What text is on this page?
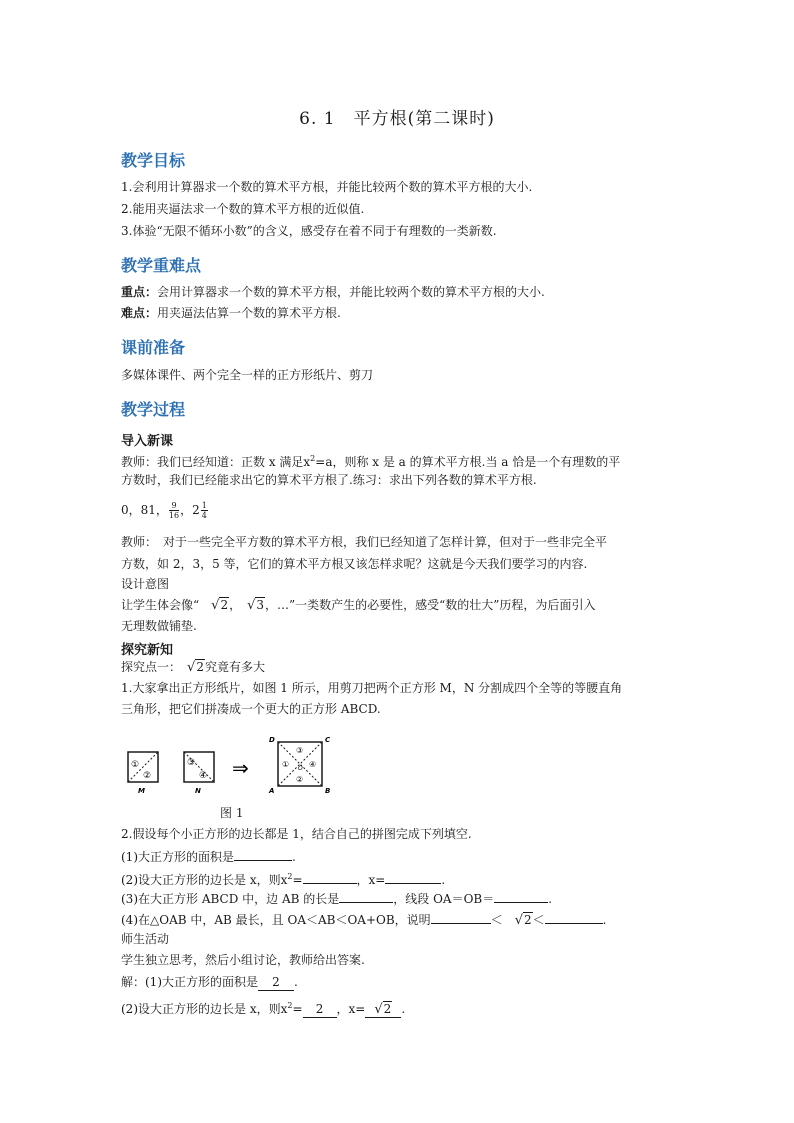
6. 1　平方根(第二课时)
教学目标
1.会利用计算器求一个数的算术平方根，并能比较两个数的算术平方根的大小.
2.能用夹逼法求一个数的算术平方根的近似值.
3.体验“无限不循环小数”的含义，感受存在着不同于有理数的一类新数.
教学重难点
重点：会用计算器求一个数的算术平方根，并能比较两个数的算术平方根的大小.
难点：用夹逼法估算一个数的算术平方根.
课前准备
多媒体课件、两个完全一样的正方形纸片、剪刀
教学过程
导入新课
教师：我们已经知道：正数 x 满足$x^2=a$，则称 x 是 a 的算术平方根.当 a 恰是一个有理数的平
方数时，我们已经能求出它的算术平方根了.练习：求出下列各数的算术平方根.
0，81， $\frac{9}{16}$ ，$2 \frac{1}{4}$
教师：　对于一些完全平方数的算术平方根，我们已经知道了怎样计算，但对于一些非完全平
方数，如 2，3，5 等，它们的算术平方根又该怎样求呢？这就是今天我们要学习的内容.
设计意图
让学生体会像“　√2，　√3，…”一类数产生的必要性，感受“数的壮大”历程，为后面引入
无理数做铺垫.
探究新知
探究点一：　√2究竟有多大
1.大家拿出正方形纸片，如图 1 所示，用剪刀把两个正方形 M，N 分割成四个全等的等腰直角
三角形，把它们拼凑成一个更大的正方形 ABCD.
①
②
M
③
④
N
⇒
③
④
①
②
O
D	C
A	B
图 1
2.假设每个小正方形的边长都是 1，结合自己的拼图完成下列填空.
(1)大正方形的面积是	.
(2)设大正方形的边长是 x，则$x^2=$	，x=	.
(3)在大正方形 ABCD 中，边 AB 的长是	，线段 OA＝OB＝	.
(4)在△OAB 中，AB 最长，且 OA＜AB＜OA+OB，说明	＜　√2＜	.
师生活动
学生独立思考，然后小组讨论，教师给出答案.
解：(1)大正方形的面积是 2 .
(2)设大正方形的边长是 x，则$x^2= 2$ ，x= √2 .
